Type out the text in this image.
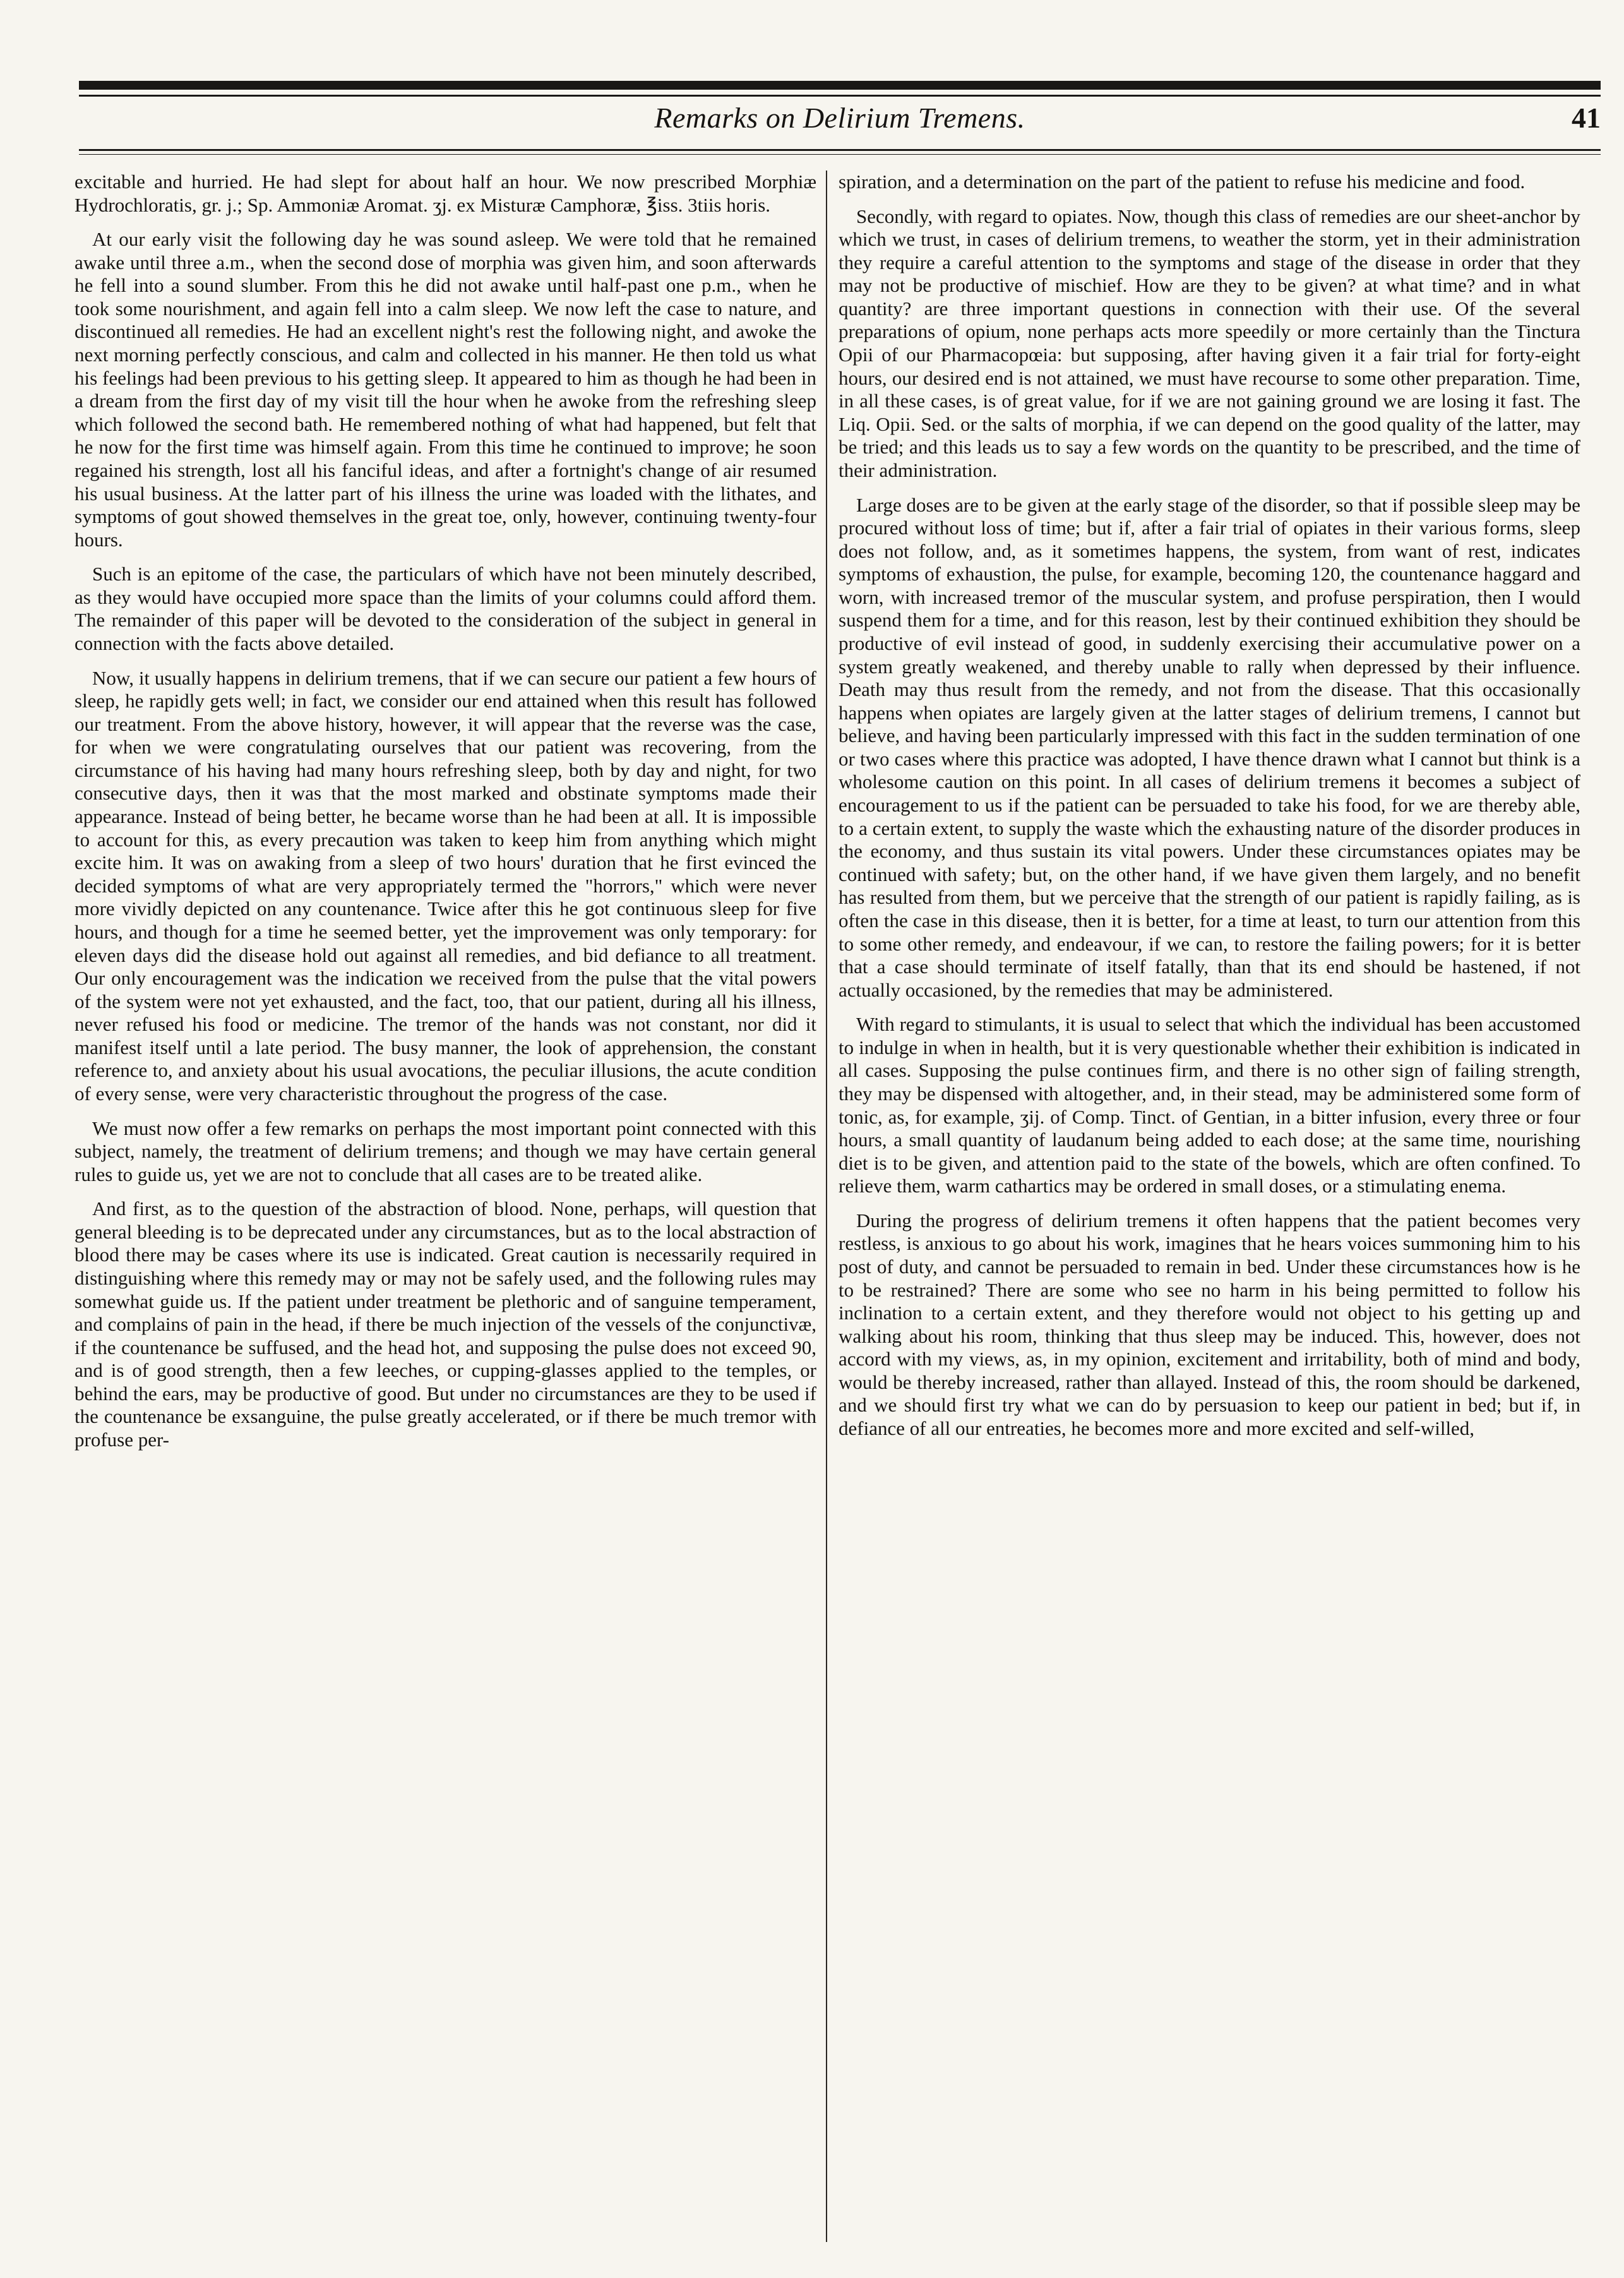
Remarks on Delirium Tremens.	41

excitable and hurried. He had slept for about half an hour. We now prescribed Morphiæ Hydrochloratis, gr. j.; Sp. Ammoniæ Aromat. ʒj. ex Misturæ Camphoræ, ℥iss. 3tiis horis.

At our early visit the following day he was sound asleep. We were told that he remained awake until three a.m., when the second dose of morphia was given him, and soon afterwards he fell into a sound slumber. From this he did not awake until half-past one p.m., when he took some nourishment, and again fell into a calm sleep. We now left the case to nature, and discontinued all remedies. He had an excellent night's rest the following night, and awoke the next morning perfectly conscious, and calm and collected in his manner. He then told us what his feelings had been previous to his getting sleep. It appeared to him as though he had been in a dream from the first day of my visit till the hour when he awoke from the refreshing sleep which followed the second bath. He remembered nothing of what had happened, but felt that he now for the first time was himself again. From this time he continued to improve; he soon regained his strength, lost all his fanciful ideas, and after a fortnight's change of air resumed his usual business. At the latter part of his illness the urine was loaded with the lithates, and symptoms of gout showed themselves in the great toe, only, however, continuing twenty-four hours.

Such is an epitome of the case, the particulars of which have not been minutely described, as they would have occupied more space than the limits of your columns could afford them. The remainder of this paper will be devoted to the consideration of the subject in general in connection with the facts above detailed.

Now, it usually happens in delirium tremens, that if we can secure our patient a few hours of sleep, he rapidly gets well; in fact, we consider our end attained when this result has followed our treatment. From the above history, however, it will appear that the reverse was the case, for when we were congratulating ourselves that our patient was recovering, from the circumstance of his having had many hours refreshing sleep, both by day and night, for two consecutive days, then it was that the most marked and obstinate symptoms made their appearance. Instead of being better, he became worse than he had been at all. It is impossible to account for this, as every precaution was taken to keep him from anything which might excite him. It was on awaking from a sleep of two hours' duration that he first evinced the decided symptoms of what are very appropriately termed the "horrors," which were never more vividly depicted on any countenance. Twice after this he got continuous sleep for five hours, and though for a time he seemed better, yet the improvement was only temporary: for eleven days did the disease hold out against all remedies, and bid defiance to all treatment. Our only encouragement was the indication we received from the pulse that the vital powers of the system were not yet exhausted, and the fact, too, that our patient, during all his illness, never refused his food or medicine. The tremor of the hands was not constant, nor did it manifest itself until a late period. The busy manner, the look of apprehension, the constant reference to, and anxiety about his usual avocations, the peculiar illusions, the acute condition of every sense, were very characteristic throughout the progress of the case.

We must now offer a few remarks on perhaps the most important point connected with this subject, namely, the treatment of delirium tremens; and though we may have certain general rules to guide us, yet we are not to conclude that all cases are to be treated alike.

And first, as to the question of the abstraction of blood. None, perhaps, will question that general bleeding is to be deprecated under any circumstances, but as to the local abstraction of blood there may be cases where its use is indicated. Great caution is necessarily required in distinguishing where this remedy may or may not be safely used, and the following rules may somewhat guide us. If the patient under treatment be plethoric and of sanguine temperament, and complains of pain in the head, if there be much injection of the vessels of the conjunctivæ, if the countenance be suffused, and the head hot, and supposing the pulse does not exceed 90, and is of good strength, then a few leeches, or cupping-glasses applied to the temples, or behind the ears, may be productive of good. But under no circumstances are they to be used if the countenance be exsanguine, the pulse greatly accelerated, or if there be much tremor with profuse per-

spiration, and a determination on the part of the patient to refuse his medicine and food.

Secondly, with regard to opiates. Now, though this class of remedies are our sheet-anchor by which we trust, in cases of delirium tremens, to weather the storm, yet in their administration they require a careful attention to the symptoms and stage of the disease in order that they may not be productive of mischief. How are they to be given? at what time? and in what quantity? are three important questions in connection with their use. Of the several preparations of opium, none perhaps acts more speedily or more certainly than the Tinctura Opii of our Pharmacopœia: but supposing, after having given it a fair trial for forty-eight hours, our desired end is not attained, we must have recourse to some other preparation. Time, in all these cases, is of great value, for if we are not gaining ground we are losing it fast. The Liq. Opii. Sed. or the salts of morphia, if we can depend on the good quality of the latter, may be tried; and this leads us to say a few words on the quantity to be prescribed, and the time of their administration.

Large doses are to be given at the early stage of the disorder, so that if possible sleep may be procured without loss of time; but if, after a fair trial of opiates in their various forms, sleep does not follow, and, as it sometimes happens, the system, from want of rest, indicates symptoms of exhaustion, the pulse, for example, becoming 120, the countenance haggard and worn, with increased tremor of the muscular system, and profuse perspiration, then I would suspend them for a time, and for this reason, lest by their continued exhibition they should be productive of evil instead of good, in suddenly exercising their accumulative power on a system greatly weakened, and thereby unable to rally when depressed by their influence. Death may thus result from the remedy, and not from the disease. That this occasionally happens when opiates are largely given at the latter stages of delirium tremens, I cannot but believe, and having been particularly impressed with this fact in the sudden termination of one or two cases where this practice was adopted, I have thence drawn what I cannot but think is a wholesome caution on this point. In all cases of delirium tremens it becomes a subject of encouragement to us if the patient can be persuaded to take his food, for we are thereby able, to a certain extent, to supply the waste which the exhausting nature of the disorder produces in the economy, and thus sustain its vital powers. Under these circumstances opiates may be continued with safety; but, on the other hand, if we have given them largely, and no benefit has resulted from them, but we perceive that the strength of our patient is rapidly failing, as is often the case in this disease, then it is better, for a time at least, to turn our attention from this to some other remedy, and endeavour, if we can, to restore the failing powers; for it is better that a case should terminate of itself fatally, than that its end should be hastened, if not actually occasioned, by the remedies that may be administered.

With regard to stimulants, it is usual to select that which the individual has been accustomed to indulge in when in health, but it is very questionable whether their exhibition is indicated in all cases. Supposing the pulse continues firm, and there is no other sign of failing strength, they may be dispensed with altogether, and, in their stead, may be administered some form of tonic, as, for example, ʒij. of Comp. Tinct. of Gentian, in a bitter infusion, every three or four hours, a small quantity of laudanum being added to each dose; at the same time, nourishing diet is to be given, and attention paid to the state of the bowels, which are often confined. To relieve them, warm cathartics may be ordered in small doses, or a stimulating enema.

During the progress of delirium tremens it often happens that the patient becomes very restless, is anxious to go about his work, imagines that he hears voices summoning him to his post of duty, and cannot be persuaded to remain in bed. Under these circumstances how is he to be restrained? There are some who see no harm in his being permitted to follow his inclination to a certain extent, and they therefore would not object to his getting up and walking about his room, thinking that thus sleep may be induced. This, however, does not accord with my views, as, in my opinion, excitement and irritability, both of mind and body, would be thereby increased, rather than allayed. Instead of this, the room should be darkened, and we should first try what we can do by persuasion to keep our patient in bed; but if, in defiance of all our entreaties, he becomes more and more excited and self-willed,
